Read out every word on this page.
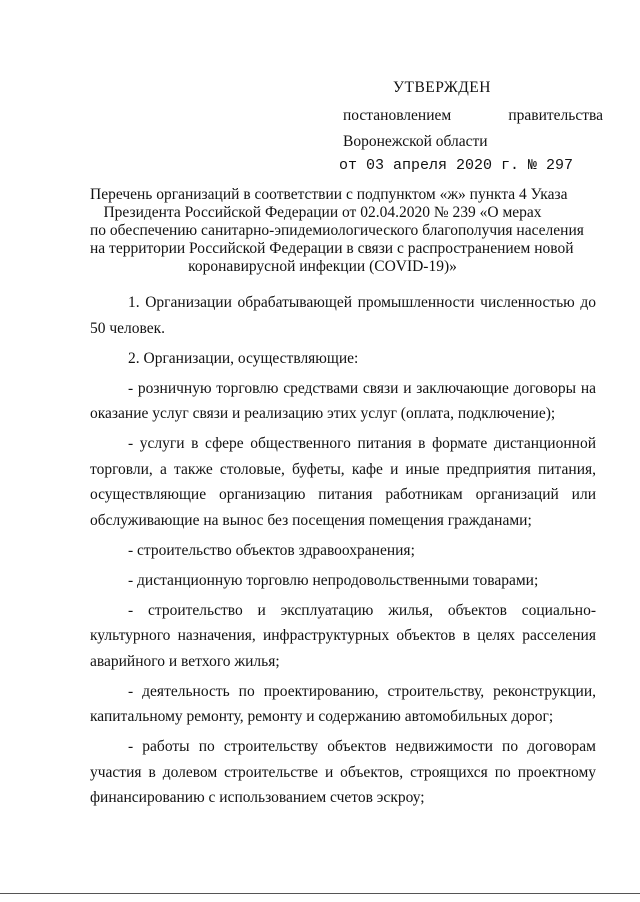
УТВЕРЖДЕН
постановлением	правительства
Воронежской области
от 03 апреля 2020 г. № 297
Перечень организаций в соответствии с подпунктом «ж» пункта 4 Указа
Президента Российской Федерации от 02.04.2020 № 239 «О мерах
по обеспечению санитарно-эпидемиологического благополучия населения
на территории Российской Федерации в связи с распространением новой
коронавирусной инфекции (COVID-19)»
1. Организации обрабатывающей промышленности численностью до
50 человек.
2. Организации, осуществляющие:
- розничную торговлю средствами связи и заключающие договоры на
оказание услуг связи и реализацию этих услуг (оплата, подключение);
- услуги в сфере общественного питания в формате дистанционной
торговли, а также столовые, буфеты, кафе и иные предприятия питания,
осуществляющие организацию питания работникам организаций или
обслуживающие на вынос без посещения помещения гражданами;
- строительство объектов здравоохранения;
- дистанционную торговлю непродовольственными товарами;
- строительство и эксплуатацию жилья, объектов социально-
культурного назначения, инфраструктурных объектов в целях расселения
аварийного и ветхого жилья;
- деятельность по проектированию, строительству, реконструкции,
капитальному ремонту, ремонту и содержанию автомобильных дорог;
- работы по строительству объектов недвижимости по договорам
участия в долевом строительстве и объектов, строящихся по проектному
финансированию с использованием счетов эскроу;
